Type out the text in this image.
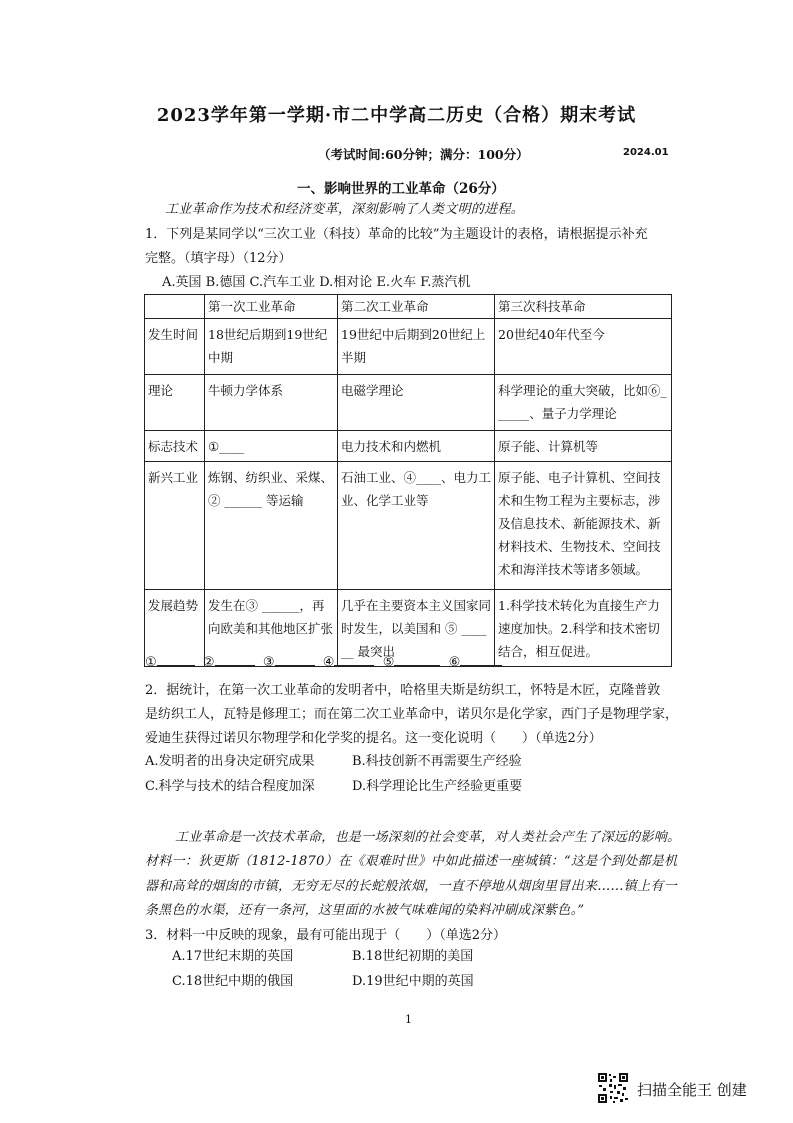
2023学年第一学期·市二中学高二历史（合格）期末考试
（考试时间:60分钟；满分：100分）	2024.01
一、影响世界的工业革命（26分）
工业革命作为技术和经济变革，深刻影响了人类文明的进程。
1．下列是某同学以“三次工业（科技）革命的比较”为主题设计的表格，请根据提示补充
完整。（填字母）（12分）
A.英国 B.德国 C.汽车工业 D.相对论 E.火车 F.蒸汽机
	第一次工业革命	第二次工业革命	第三次科技革命
发生时间	18世纪后期到19世纪中期	19世纪中后期到20世纪上半期	20世纪40年代至今
理论	牛顿力学体系	电磁学理论	科学理论的重大突破，比如⑥______、量子力学理论
标志技术	①____	电力技术和内燃机	原子能、计算机等
新兴工业	炼钢、纺织业、采煤、② ______ 等运输	石油工业、④____、电力工业、化学工业等	原子能、电子计算机、空间技术和生物工程为主要标志，涉及信息技术、新能源技术、新材料技术、生物技术、空间技术和海洋技术等诸多领域。
发展趋势	发生在③ ______，再向欧美和其他地区扩张	几乎在主要资本主义国家同时发生，以美国和 ⑤ ______ 最突出	1.科学技术转化为直接生产力速度加快。2.科学和技术密切结合，相互促进。
①	②	③	④	⑤	⑥
2．据统计，在第一次工业革命的发明者中，哈格里夫斯是纺织工，怀特是木匠，克隆普敦
是纺织工人，瓦特是修理工；而在第二次工业革命中，诺贝尔是化学家，西门子是物理学家，
爱迪生获得过诺贝尔物理学和化学奖的提名。这一变化说明（　　）（单选2分）
A.发明者的出身决定研究成果	B.科技创新不再需要生产经验
C.科学与技术的结合程度加深	D.科学理论比生产经验更重要
工业革命是一次技术革命，也是一场深刻的社会变革，对人类社会产生了深远的影响。
材料一：狄更斯（1812-1870）在《艰难时世》中如此描述一座城镇：“这是个到处都是机
器和高耸的烟囱的市镇，无穷无尽的长蛇般浓烟，一直不停地从烟囱里冒出来……镇上有一
条黑色的水渠，还有一条河，这里面的水被气味难闻的染料冲刷成深紫色。”
3．材料一中反映的现象，最有可能出现于（　　）（单选2分）
A.17世纪末期的英国	B.18世纪初期的美国
C.18世纪中期的俄国	D.19世纪中期的英国
1
扫描全能王 创建
